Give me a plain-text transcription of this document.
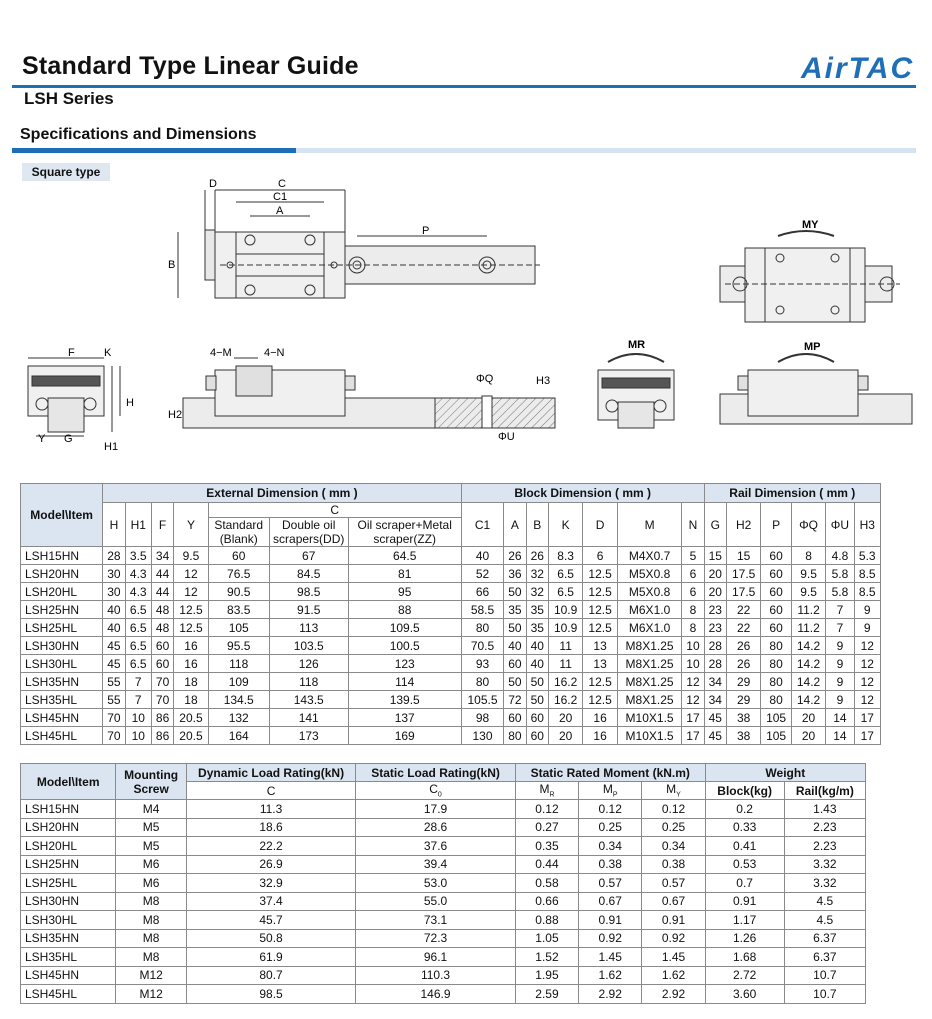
Standard Type Linear Guide
LSH Series
AirTAC
Specifications and Dimensions
Square type
D	C
C1
A
P
B
MY
F	K
H
H1
Y G
4−M	4−N
H2
ΦQ	H3
ΦU
MR	MP
Model\Item	External Dimension ( mm )							Block Dimension ( mm )							Rail Dimension ( mm )					
	H	H1	F	Y	C			C1	A	B	K	D	M	N	G	H2	P	ΦQ	ΦU	H3
					Standard (Blank)	Double oil scrapers(DD)	Oil scraper+Metal scraper(ZZ)													
LSH15HN	28	3.5	34	9.5	60	67	64.5	40	26	26	8.3	6	M4X0.7	5	15	15	60	8	4.8	5.3
LSH20HN	30	4.3	44	12	76.5	84.5	81	52	36	32	6.5	12.5	M5X0.8	6	20	17.5	60	9.5	5.8	8.5
LSH20HL	30	4.3	44	12	90.5	98.5	95	66	50	32	6.5	12.5	M5X0.8	6	20	17.5	60	9.5	5.8	8.5
LSH25HN	40	6.5	48	12.5	83.5	91.5	88	58.5	35	35	10.9	12.5	M6X1.0	8	23	22	60	11.2	7	9
LSH25HL	40	6.5	48	12.5	105	113	109.5	80	50	35	10.9	12.5	M6X1.0	8	23	22	60	11.2	7	9
LSH30HN	45	6.5	60	16	95.5	103.5	100.5	70.5	40	40	11	13	M8X1.25	10	28	26	80	14.2	9	12
LSH30HL	45	6.5	60	16	118	126	123	93	60	40	11	13	M8X1.25	10	28	26	80	14.2	9	12
LSH35HN	55	7	70	18	109	118	114	80	50	50	16.2	12.5	M8X1.25	12	34	29	80	14.2	9	12
LSH35HL	55	7	70	18	134.5	143.5	139.5	105.5	72	50	16.2	12.5	M8X1.25	12	34	29	80	14.2	9	12
LSH45HN	70	10	86	20.5	132	141	137	98	60	60	20	16	M10X1.5	17	45	38	105	20	14	17
LSH45HL	70	10	86	20.5	164	173	169	130	80	60	20	16	M10X1.5	17	45	38	105	20	14	17
Model\Item	Mounting Screw	Dynamic Load Rating(kN)	Static Load Rating(kN)	Static Rated Moment (kN.m)			Weight	
		C	$C_0$	$M_R$	$M_P$	$M_Y$	Block(kg)	Rail(kg/m)
LSH15HN	M4	11.3	17.9	0.12	0.12	0.12	0.2	1.43
LSH20HN	M5	18.6	28.6	0.27	0.25	0.25	0.33	2.23
LSH20HL	M5	22.2	37.6	0.35	0.34	0.34	0.41	2.23
LSH25HN	M6	26.9	39.4	0.44	0.38	0.38	0.53	3.32
LSH25HL	M6	32.9	53.0	0.58	0.57	0.57	0.7	3.32
LSH30HN	M8	37.4	55.0	0.66	0.67	0.67	0.91	4.5
LSH30HL	M8	45.7	73.1	0.88	0.91	0.91	1.17	4.5
LSH35HN	M8	50.8	72.3	1.05	0.92	0.92	1.26	6.37
LSH35HL	M8	61.9	96.1	1.52	1.45	1.45	1.68	6.37
LSH45HN	M12	80.7	110.3	1.95	1.62	1.62	2.72	10.7
LSH45HL	M12	98.5	146.9	2.59	2.92	2.92	3.60	10.7
